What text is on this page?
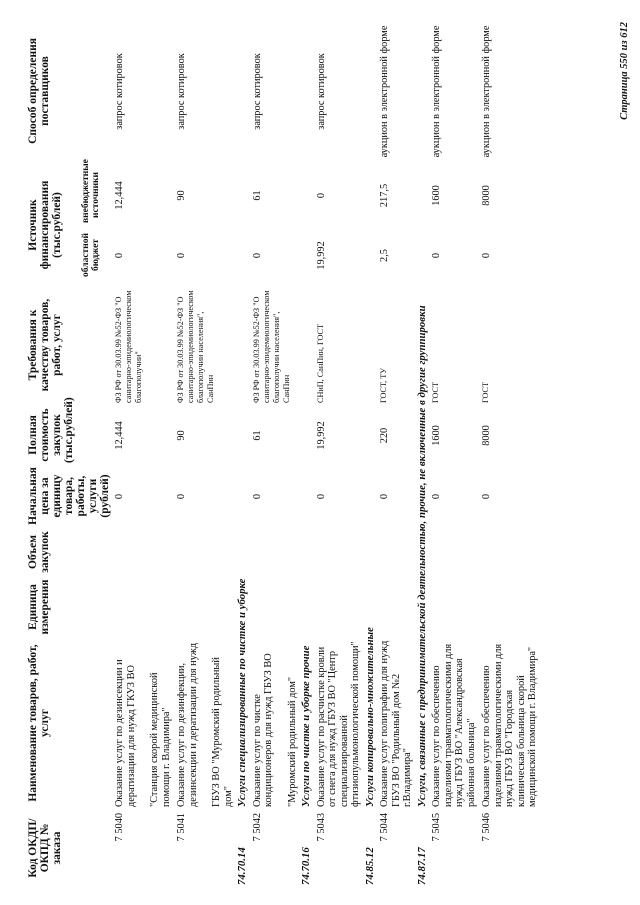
Код ОКДП/ ОКПД № заказа	Наименование товаров, работ, услуг	Единица измерения	Объем закупок	Начальная цена за единицу товара, работы, услуги (рублей)	Полная стоимость закупок (тыс.рублей)	Требования к качеству товаров, работ, услуг	Источник финансирования (тыс.рублей)		Способ определения поставщиков
							областной бюджет	внебюджетные источники	
7 5040	Оказание услуг по дезинсекции и дератизации для нужд ГКУЗ ВО "Станция скорой медицинской помощи г. Владимира"			0	12,444	ФЗ РФ от 30.03.99 №52-ФЗ "О санитарно-эпидемиологическом благополучии"	0	12,444	запрос котировок
7 5041	Оказание услуг по дезинфекции, дезинсекции и дератизации для нужд ГБУЗ ВО "Муромский родильный дом"			0	90	ФЗ РФ от 30.03.99 №52-ФЗ "О санитарно-эпидемиологическом благополучии населения", СанПин	0	90	запрос котировок
74.70.14	Услуги специализированные по чистке и уборке								
7 5042	Оказание услуг по чистке кондиционеров для нужд ГБУЗ ВО "Муромский родильный дом"			0	61	ФЗ РФ от 30.03.99 №52-ФЗ "О санитарно-эпидемиологическом благополучии населения", СанПин	0	61	запрос котировок
74.70.16	Услуги по чистке и уборке прочие								
7 5043	Оказание услуг по расчистке кровли от снега для нужд ГБУЗ ВО "Центр специализированной фтизиопульмонологической помощи"			0	19,992	СНиП, СанПин, ГОСТ	19,992	0	запрос котировок
74.85.12	Услуги копировально-множительные								
7 5044	Оказание услуг полиграфии для нужд ГБУЗ ВО "Родильный дом №2 г.Владимира"			0	220	ГОСТ, ТУ	2,5	217,5	аукцион в электронной форме
74.87.17	Услуги, связанные с предпринимательской деятельностью, прочие, не включенные в другие группировки								
7 5045	Оказание услуг по обеспечению изделиями травматологическими для нужд ГБУЗ ВО "Александровская районная больница"			0	1600	ГОСТ	0	1600	аукцион в электронной форме
7 5046	Оказание услуг по обеспечению изделиями травматологическими для нужд ГБУЗ ВО "Городская клиническая больница скорой медицинской помощи г. Владимира"			0	8000	ГОСТ	0	8000	аукцион в электронной форме	Страница 550 из 612
